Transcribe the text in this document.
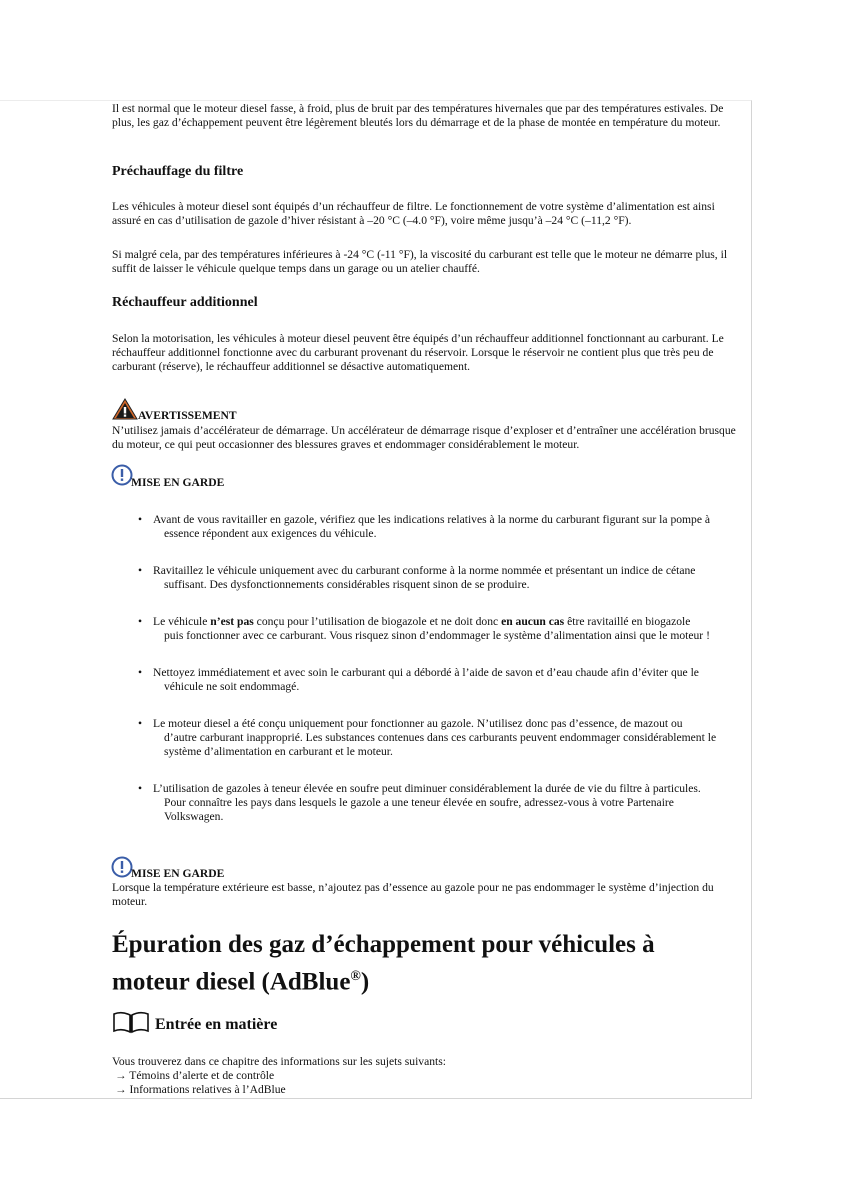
Il est normal que le moteur diesel fasse, à froid, plus de bruit par des températures hivernales que par des températures estivales. De plus, les gaz d’échappement peuvent être légèrement bleutés lors du démarrage et de la phase de montée en température du moteur.

Préchauffage du filtre

Les véhicules à moteur diesel sont équipés d’un réchauffeur de filtre. Le fonctionnement de votre système d’alimentation est ainsi assuré en cas d’utilisation de gazole d’hiver résistant à –20 °C (–4.0 °F), voire même jusqu’à –24 °C (–11,2 °F).

Si malgré cela, par des températures inférieures à -24 °C (-11 °F), la viscosité du carburant est telle que le moteur ne démarre plus, il suffit de laisser le véhicule quelque temps dans un garage ou un atelier chauffé.

Réchauffeur additionnel

Selon la motorisation, les véhicules à moteur diesel peuvent être équipés d’un réchauffeur additionnel fonctionnant au carburant. Le réchauffeur additionnel fonctionne avec du carburant provenant du réservoir. Lorsque le réservoir ne contient plus que très peu de carburant (réserve), le réchauffeur additionnel se désactive automatiquement.

AVERTISSEMENT

N’utilisez jamais d’accélérateur de démarrage. Un accélérateur de démarrage risque d’exploser et d’entraîner une accélération brusque du moteur, ce qui peut occasionner des blessures graves et endommager considérablement le moteur.

MISE EN GARDE
• Avant de vous ravitailler en gazole, vérifiez que les indications relatives à la norme du carburant figurant sur la pompe à
essence répondent aux exigences du véhicule.
• Ravitaillez le véhicule uniquement avec du carburant conforme à la norme nommée et présentant un indice de cétane
suffisant. Des dysfonctionnements considérables risquent sinon de se produire.
• Le véhicule n’est pas conçu pour l’utilisation de biogazole et ne doit donc en aucun cas être ravitaillé en biogazole
puis fonctionner avec ce carburant. Vous risquez sinon d’endommager le système d’alimentation ainsi que le moteur !
• Nettoyez immédiatement et avec soin le carburant qui a débordé à l’aide de savon et d’eau chaude afin d’éviter que le
véhicule ne soit endommagé.
• Le moteur diesel a été conçu uniquement pour fonctionner au gazole. N’utilisez donc pas d’essence, de mazout ou
d’autre carburant inapproprié. Les substances contenues dans ces carburants peuvent endommager considérablement le système d’alimentation en carburant et le moteur.
• L’utilisation de gazoles à teneur élevée en soufre peut diminuer considérablement la durée de vie du filtre à particules.
Pour connaître les pays dans lesquels le gazole a une teneur élevée en soufre, adressez-vous à votre Partenaire Volkswagen.
MISE EN GARDE

Lorsque la température extérieure est basse, n’ajoutez pas d’essence au gazole pour ne pas endommager le système d’injection du moteur.

Épuration des gaz d’échappement pour véhicules à
moteur diesel (AdBlue®)
Entrée en matière

Vous trouverez dans ce chapitre des informations sur les sujets suivants:

→ Témoins d’alerte et de contrôle
→ Informations relatives à l’AdBlue
